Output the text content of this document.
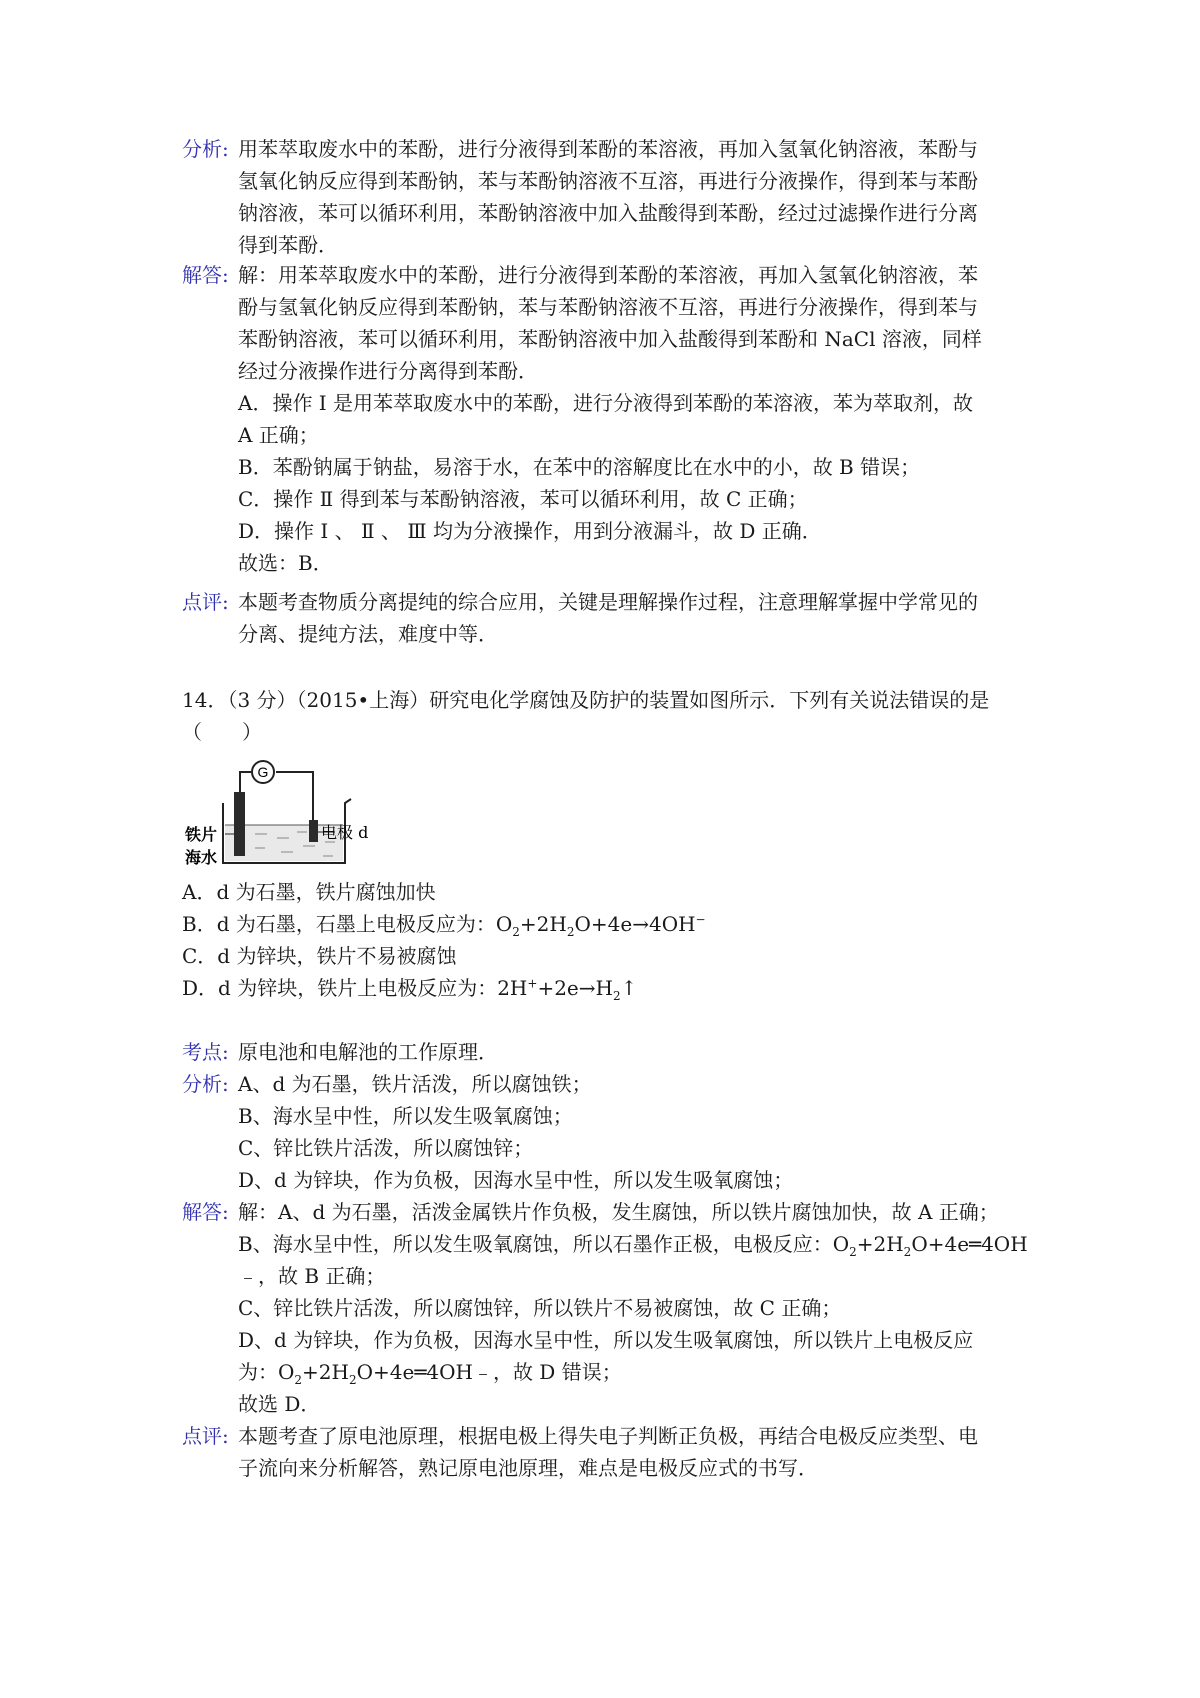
分析: 用苯萃取废水中的苯酚，进行分液得到苯酚的苯溶液，再加入氢氧化钠溶液，苯酚与
氢氧化钠反应得到苯酚钠，苯与苯酚钠溶液不互溶，再进行分液操作，得到苯与苯酚
钠溶液，苯可以循环利用，苯酚钠溶液中加入盐酸得到苯酚，经过过滤操作进行分离
得到苯酚．
解答: 解：用苯萃取废水中的苯酚，进行分液得到苯酚的苯溶液，再加入氢氧化钠溶液，苯
酚与氢氧化钠反应得到苯酚钠，苯与苯酚钠溶液不互溶，再进行分液操作，得到苯与
苯酚钠溶液，苯可以循环利用，苯酚钠溶液中加入盐酸得到苯酚和 NaCl 溶液，同样
经过分液操作进行分离得到苯酚．
A．操作 I 是用苯萃取废水中的苯酚，进行分液得到苯酚的苯溶液，苯为萃取剂，故
A 正确；
B．苯酚钠属于钠盐，易溶于水，在苯中的溶解度比在水中的小，故 B 错误；
C．操作 Ⅱ 得到苯与苯酚钠溶液，苯可以循环利用，故 C 正确；
D．操作 Ⅰ 、 Ⅱ 、 Ⅲ 均为分液操作，用到分液漏斗，故 D 正确．
故选：B．
点评: 本题考查物质分离提纯的综合应用，关键是理解操作过程，注意理解掌握中学常见的
分离、提纯方法，难度中等．
14．（3 分）（2015•上海）研究电化学腐蚀及防护的装置如图所示．下列有关说法错误的是
（　　）
G
铁片
海水
电极 d
A．d 为石墨，铁片腐蚀加快
B．d 为石墨，石墨上电极反应为：$O_2+2H_2O+4e\to 4OH^-$
C．d 为锌块，铁片不易被腐蚀
D．d 为锌块，铁片上电极反应为：$2H^++2e\to H_2↑$
考点: 原电池和电解池的工作原理．
分析: A、d 为石墨，铁片活泼，所以腐蚀铁；
B、海水呈中性，所以发生吸氧腐蚀；
C、锌比铁片活泼，所以腐蚀锌；
D、d 为锌块，作为负极，因海水呈中性，所以发生吸氧腐蚀；
解答: 解：A、d 为石墨，活泼金属铁片作负极，发生腐蚀，所以铁片腐蚀加快，故 A 正确；
B、海水呈中性，所以发生吸氧腐蚀，所以石墨作正极，电极反应：$O_2+2H_2O+4e═4OH$
﹣，故 B 正确；
C、锌比铁片活泼，所以腐蚀锌，所以铁片不易被腐蚀，故 C 正确；
D、d 为锌块，作为负极，因海水呈中性，所以发生吸氧腐蚀，所以铁片上电极反应
为：$O_2+2H_2O+4e═4OH﹣$，故 D 错误；
故选 D．
点评: 本题考查了原电池原理，根据电极上得失电子判断正负极，再结合电极反应类型、电
子流向来分析解答，熟记原电池原理，难点是电极反应式的书写．
